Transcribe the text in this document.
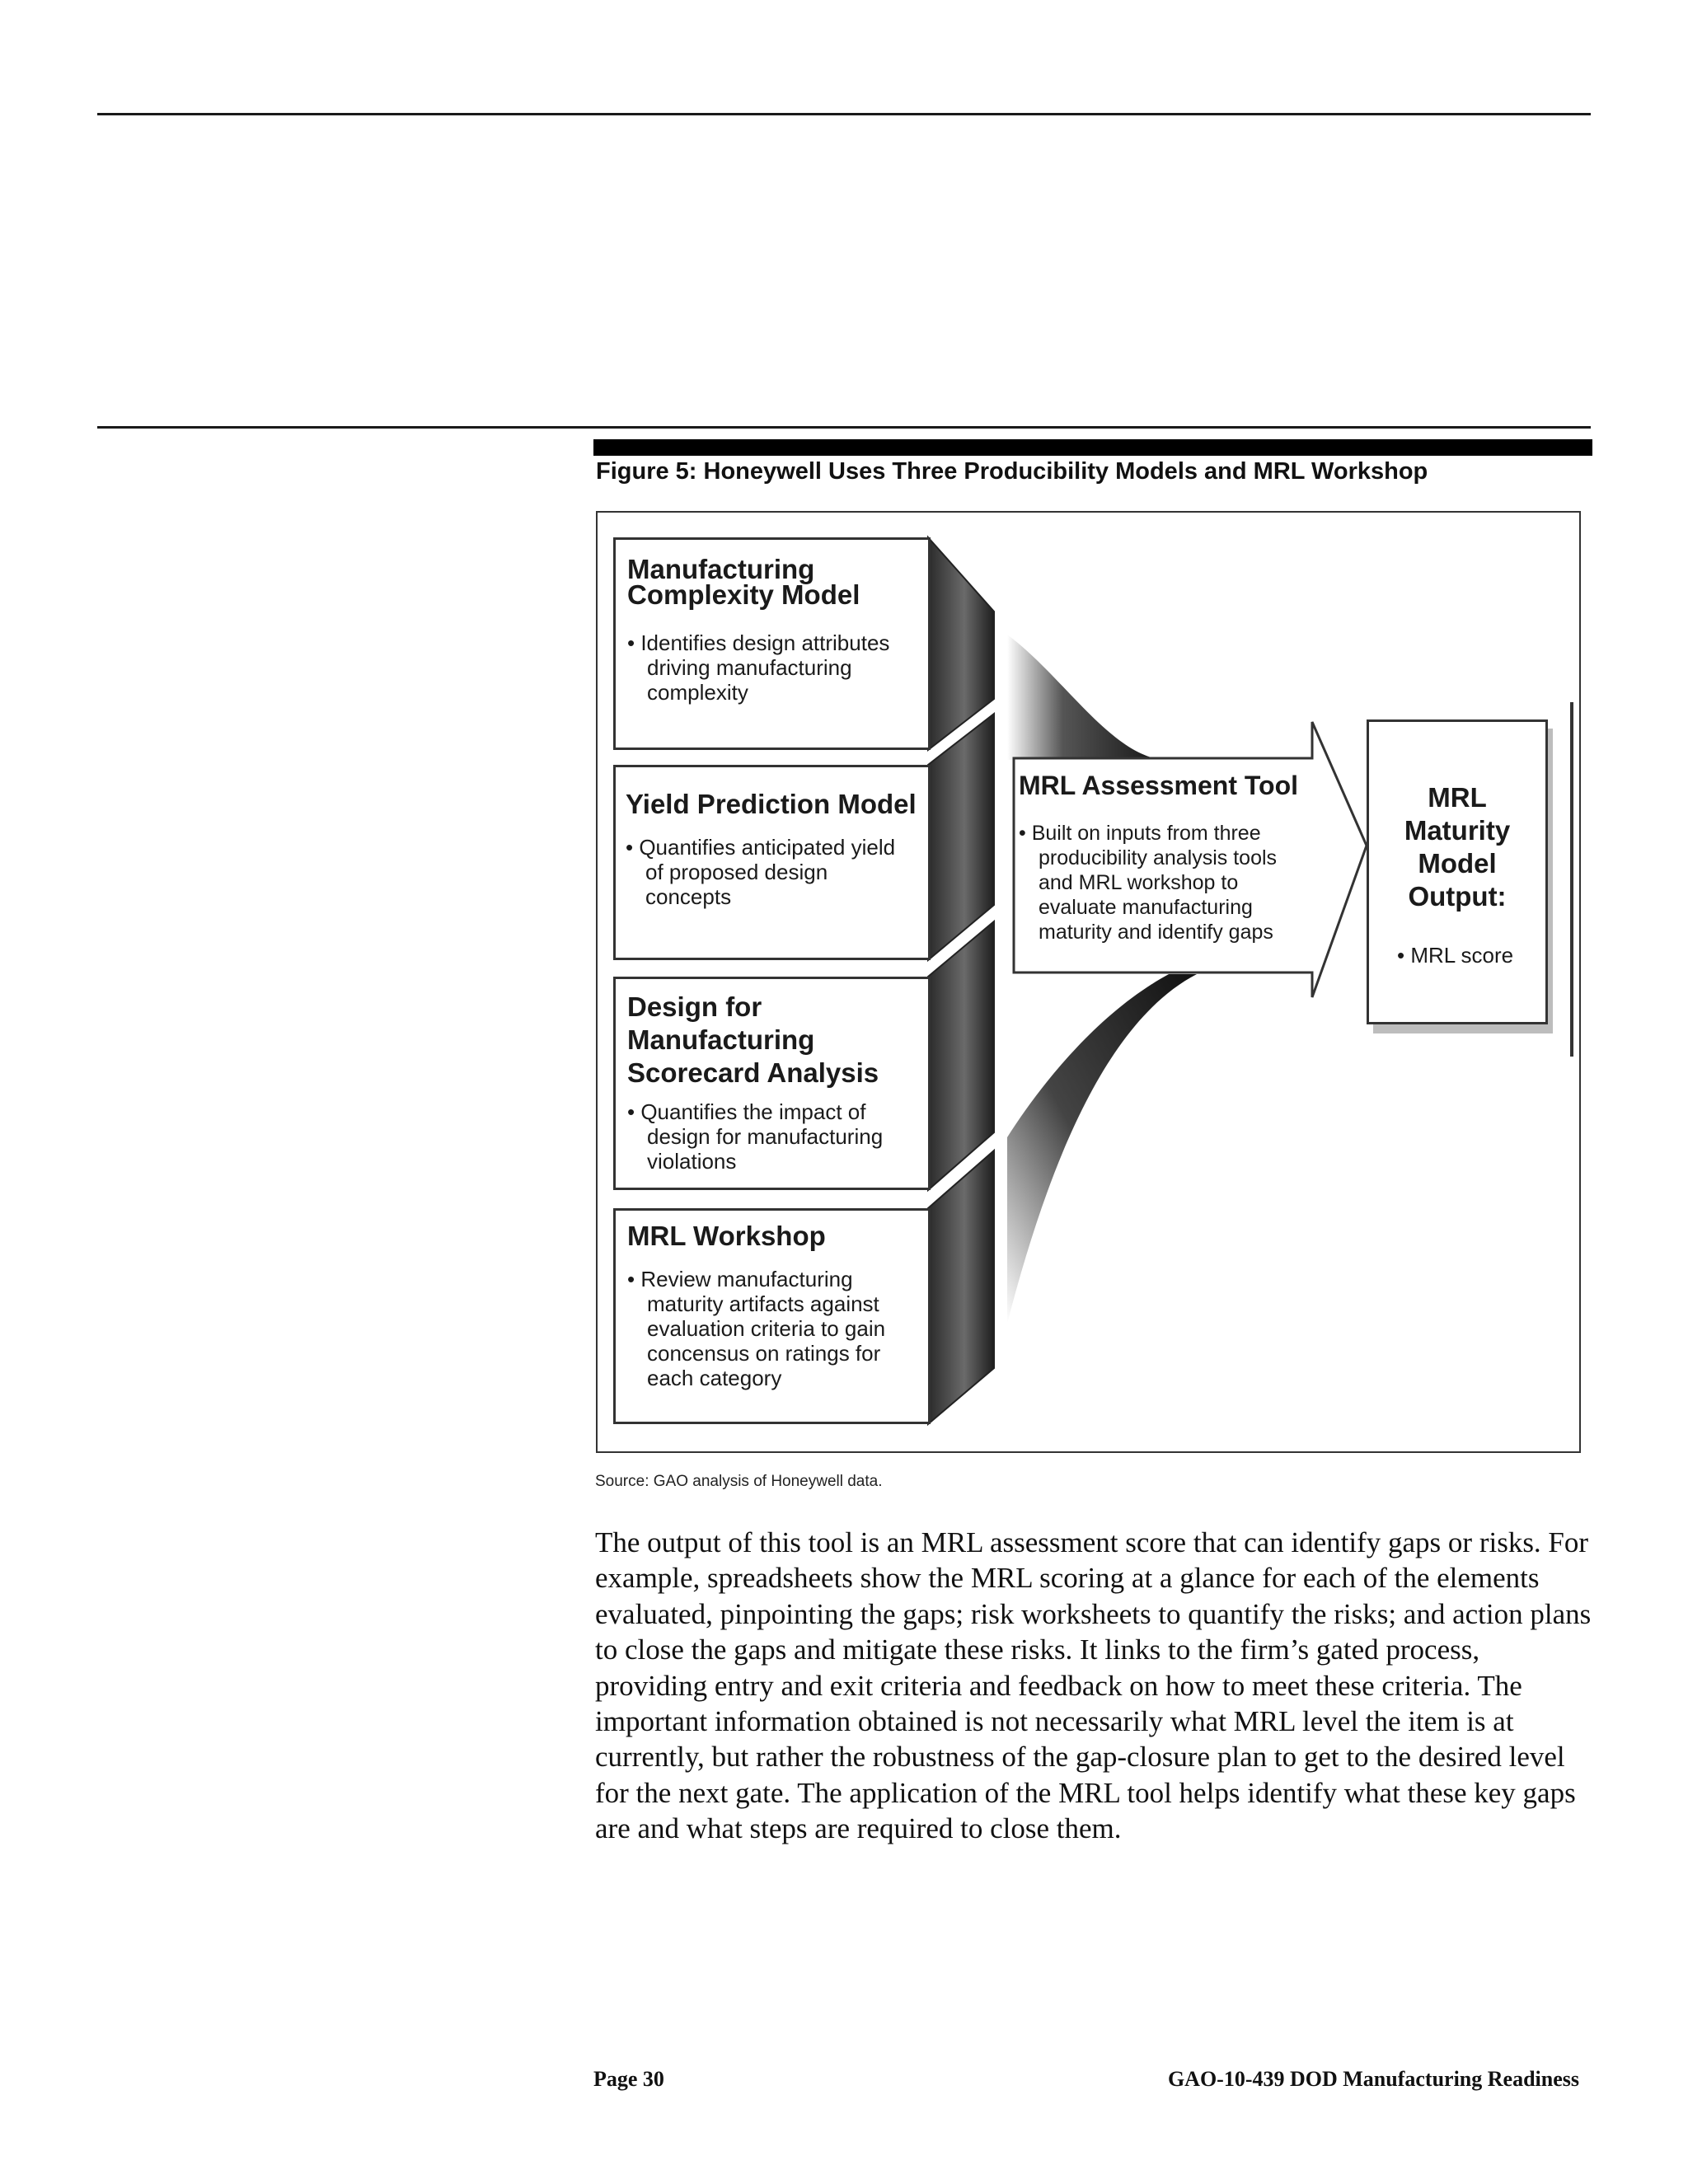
Figure 5: Honeywell Uses Three Producibility Models and MRL Workshop
Manufacturing Complexity Model
• Identifies design attributes driving manufacturing complexity
Yield Prediction Model
• Quantifies anticipated yield of proposed design concepts
Design for Manufacturing Scorecard Analysis
• Quantifies the impact of design for manufacturing violations
MRL Workshop
• Review manufacturing maturity artifacts against evaluation criteria to gain concensus on ratings for each category
MRL Assessment Tool
• Built on inputs from three producibility analysis tools and MRL workshop to evaluate manufacturing maturity and identify gaps
MRL Maturity Model Output:
• MRL score
Source: GAO analysis of Honeywell data.
The output of this tool is an MRL assessment score that can identify gaps or risks. For example, spreadsheets show the MRL scoring at a glance for each of the elements evaluated, pinpointing the gaps; risk worksheets to quantify the risks; and action plans to close the gaps and mitigate these risks. It links to the firm’s gated process, providing entry and exit criteria and feedback on how to meet these criteria. The important information obtained is not necessarily what MRL level the item is at currently, but rather the robustness of the gap-closure plan to get to the desired level for the next gate. The application of the MRL tool helps identify what these key gaps are and what steps are required to close them.
Page 30	GAO-10-439 DOD Manufacturing Readiness
